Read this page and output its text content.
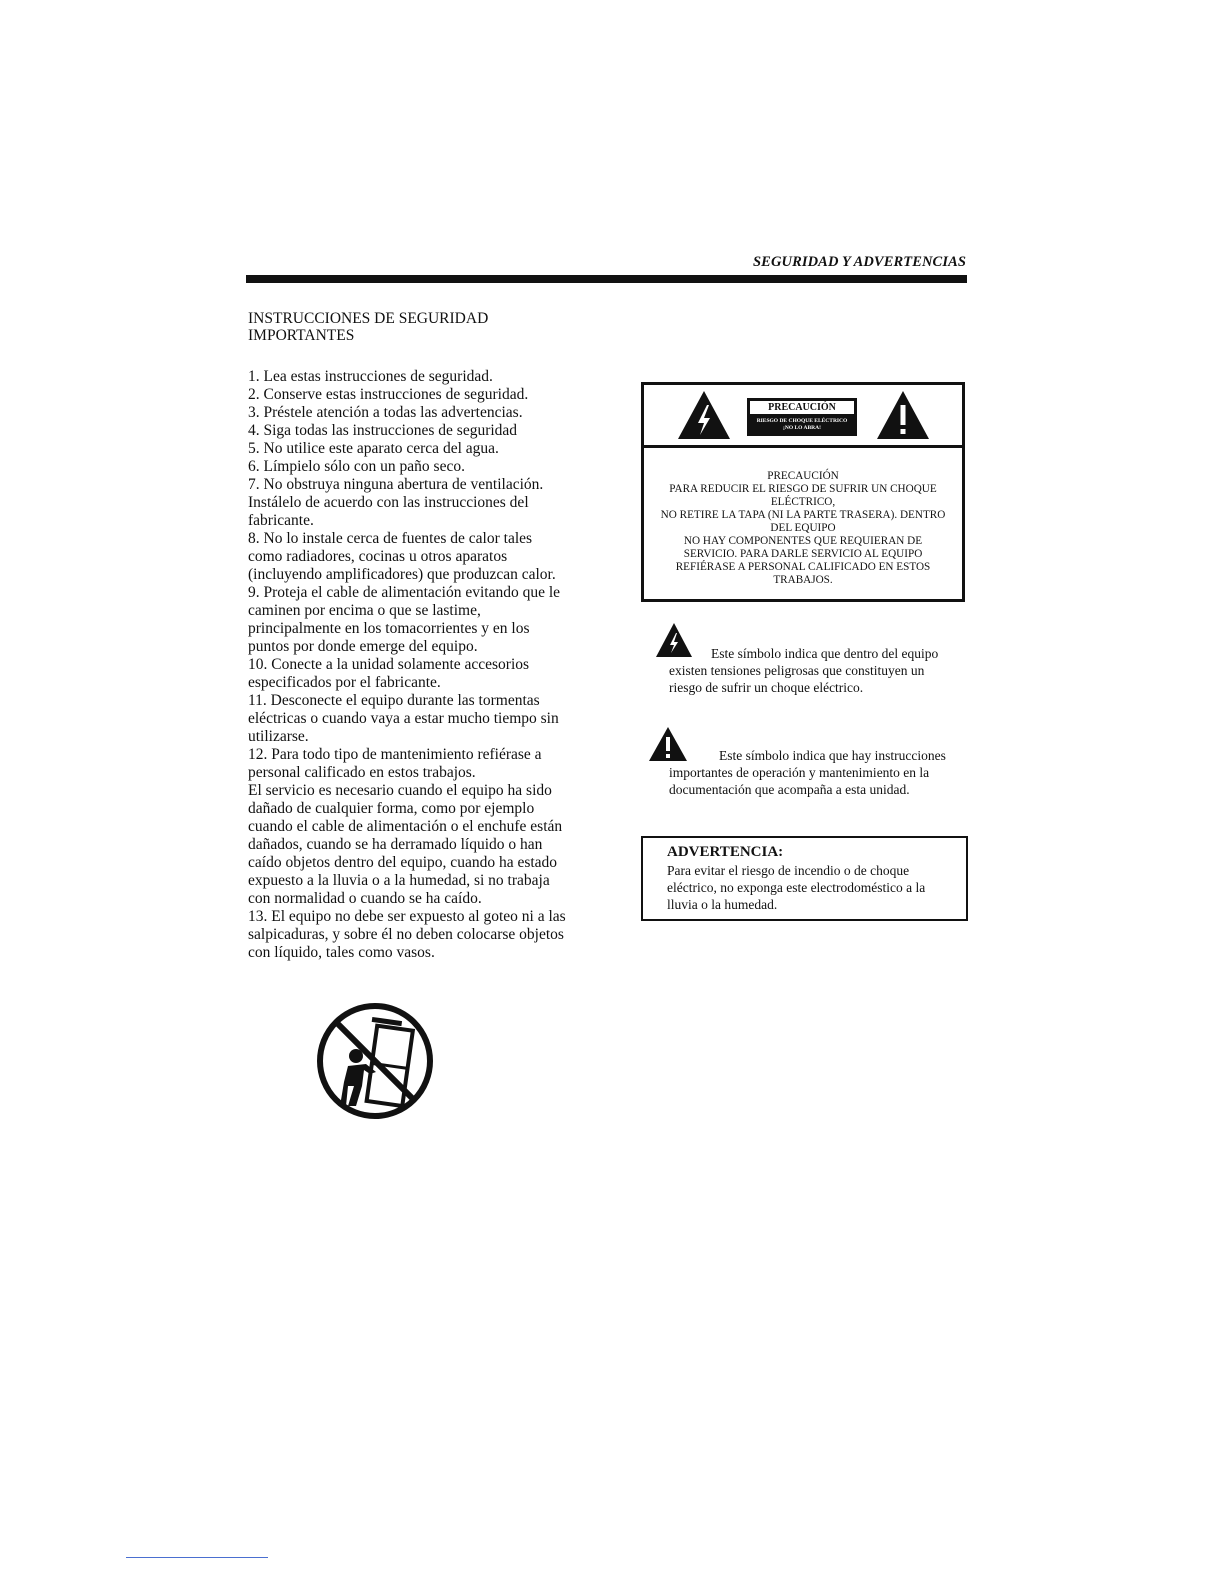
SEGURIDAD Y ADVERTENCIAS
INSTRUCCIONES DE SEGURIDAD
IMPORTANTES
1. Lea estas instrucciones de seguridad.
2. Conserve estas instrucciones de seguridad.
3. Préstele atención a todas las advertencias.
4. Siga todas las instrucciones de seguridad
5. No utilice este aparato cerca del agua.
6. Límpielo sólo con un paño seco.
7. No obstruya ninguna abertura de ventilación.
Instálelo de acuerdo con las instrucciones del
fabricante.
8. No lo instale cerca de fuentes de calor tales
como radiadores, cocinas u otros aparatos
(incluyendo amplificadores) que produzcan calor.
9. Proteja el cable de alimentación evitando que le
caminen por encima o que se lastime,
principalmente en los tomacorrientes y en los
puntos por donde emerge del equipo.
10. Conecte a la unidad solamente accesorios
especificados por el fabricante.
11. Desconecte el equipo durante las tormentas
eléctricas o cuando vaya a estar mucho tiempo sin
utilizarse.
12. Para todo tipo de mantenimiento refiérase a
personal calificado en estos trabajos.
El servicio es necesario cuando el equipo ha sido
dañado de cualquier forma, como por ejemplo
cuando el cable de alimentación o el enchufe están
dañados, cuando se ha derramado líquido o han
caído objetos dentro del equipo, cuando ha estado
expuesto a la lluvia o a la humedad, si no trabaja
con normalidad o cuando se ha caído.
13. El equipo no debe ser expuesto al goteo ni a las
salpicaduras, y sobre él no deben colocarse objetos
con líquido, tales como vasos.
PRECAUCIÓN
RIESGO DE CHOQUE ELÉCTRICO
¡NO LO ABRA!
PRECAUCIÓN
PARA REDUCIR EL RIESGO DE SUFRIR UN CHOQUE
ELÉCTRICO,
NO RETIRE LA TAPA (NI LA PARTE TRASERA). DENTRO
DEL EQUIPO
NO HAY COMPONENTES QUE REQUIERAN DE
SERVICIO. PARA DARLE SERVICIO AL EQUIPO
REFIÉRASE A PERSONAL CALIFICADO EN ESTOS
TRABAJOS.
Este símbolo indica que dentro del equipo
existen tensiones peligrosas que constituyen un
riesgo de sufrir un choque eléctrico.
Este símbolo indica que hay instrucciones
importantes de operación y mantenimiento en la
documentación que acompaña a esta unidad.
ADVERTENCIA:
Para evitar el riesgo de incendio o de choque
eléctrico, no exponga este electrodoméstico a la
lluvia o la humedad.
